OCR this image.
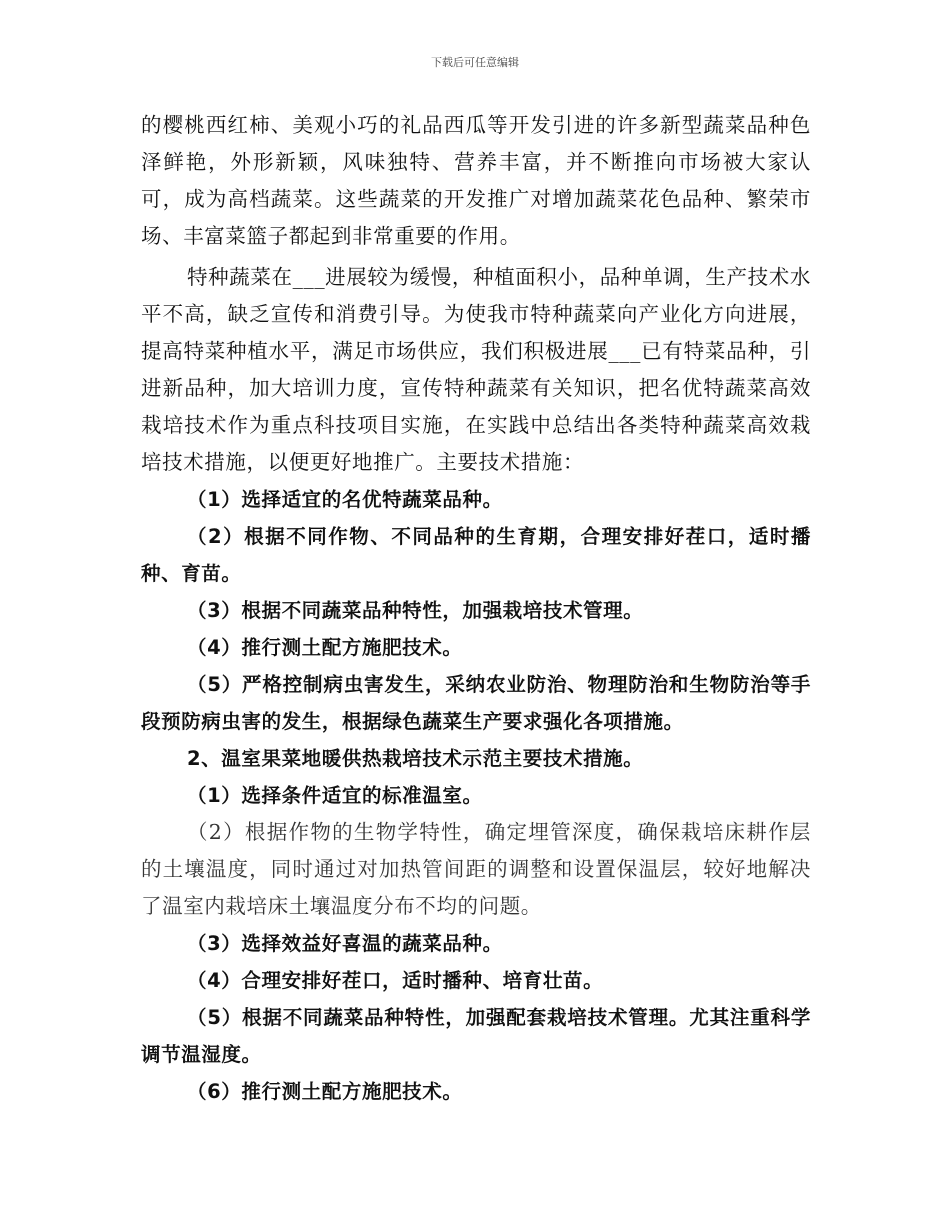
下载后可任意编辑

的樱桃西红柿、美观小巧的礼品西瓜等开发引进的许多新型蔬菜品种色泽鲜艳，外形新颖，风味独特、营养丰富，并不断推向市场被大家认可，成为高档蔬菜。这些蔬菜的开发推广对增加蔬菜花色品种、繁荣市场、丰富菜篮子都起到非常重要的作用。

特种蔬菜在___进展较为缓慢，种植面积小，品种单调，生产技术水平不高，缺乏宣传和消费引导。为使我市特种蔬菜向产业化方向进展，提高特菜种植水平，满足市场供应，我们积极进展___已有特菜品种，引进新品种，加大培训力度，宣传特种蔬菜有关知识，把名优特蔬菜高效栽培技术作为重点科技项目实施，在实践中总结出各类特种蔬菜高效栽培技术措施，以便更好地推广。主要技术措施：

（1）选择适宜的名优特蔬菜品种。

（2）根据不同作物、不同品种的生育期，合理安排好茬口，适时播种、育苗。

（3）根据不同蔬菜品种特性，加强栽培技术管理。

（4）推行测土配方施肥技术。

（5）严格控制病虫害发生，采纳农业防治、物理防治和生物防治等手段预防病虫害的发生，根据绿色蔬菜生产要求强化各项措施。

2、温室果菜地暖供热栽培技术示范主要技术措施。

（1）选择条件适宜的标准温室。

（2）根据作物的生物学特性，确定埋管深度，确保栽培床耕作层的土壤温度，同时通过对加热管间距的调整和设置保温层，较好地解决了温室内栽培床土壤温度分布不均的问题。

（3）选择效益好喜温的蔬菜品种。

（4）合理安排好茬口，适时播种、培育壮苗。

（5）根据不同蔬菜品种特性，加强配套栽培技术管理。尤其注重科学调节温湿度。

（6）推行测土配方施肥技术。
